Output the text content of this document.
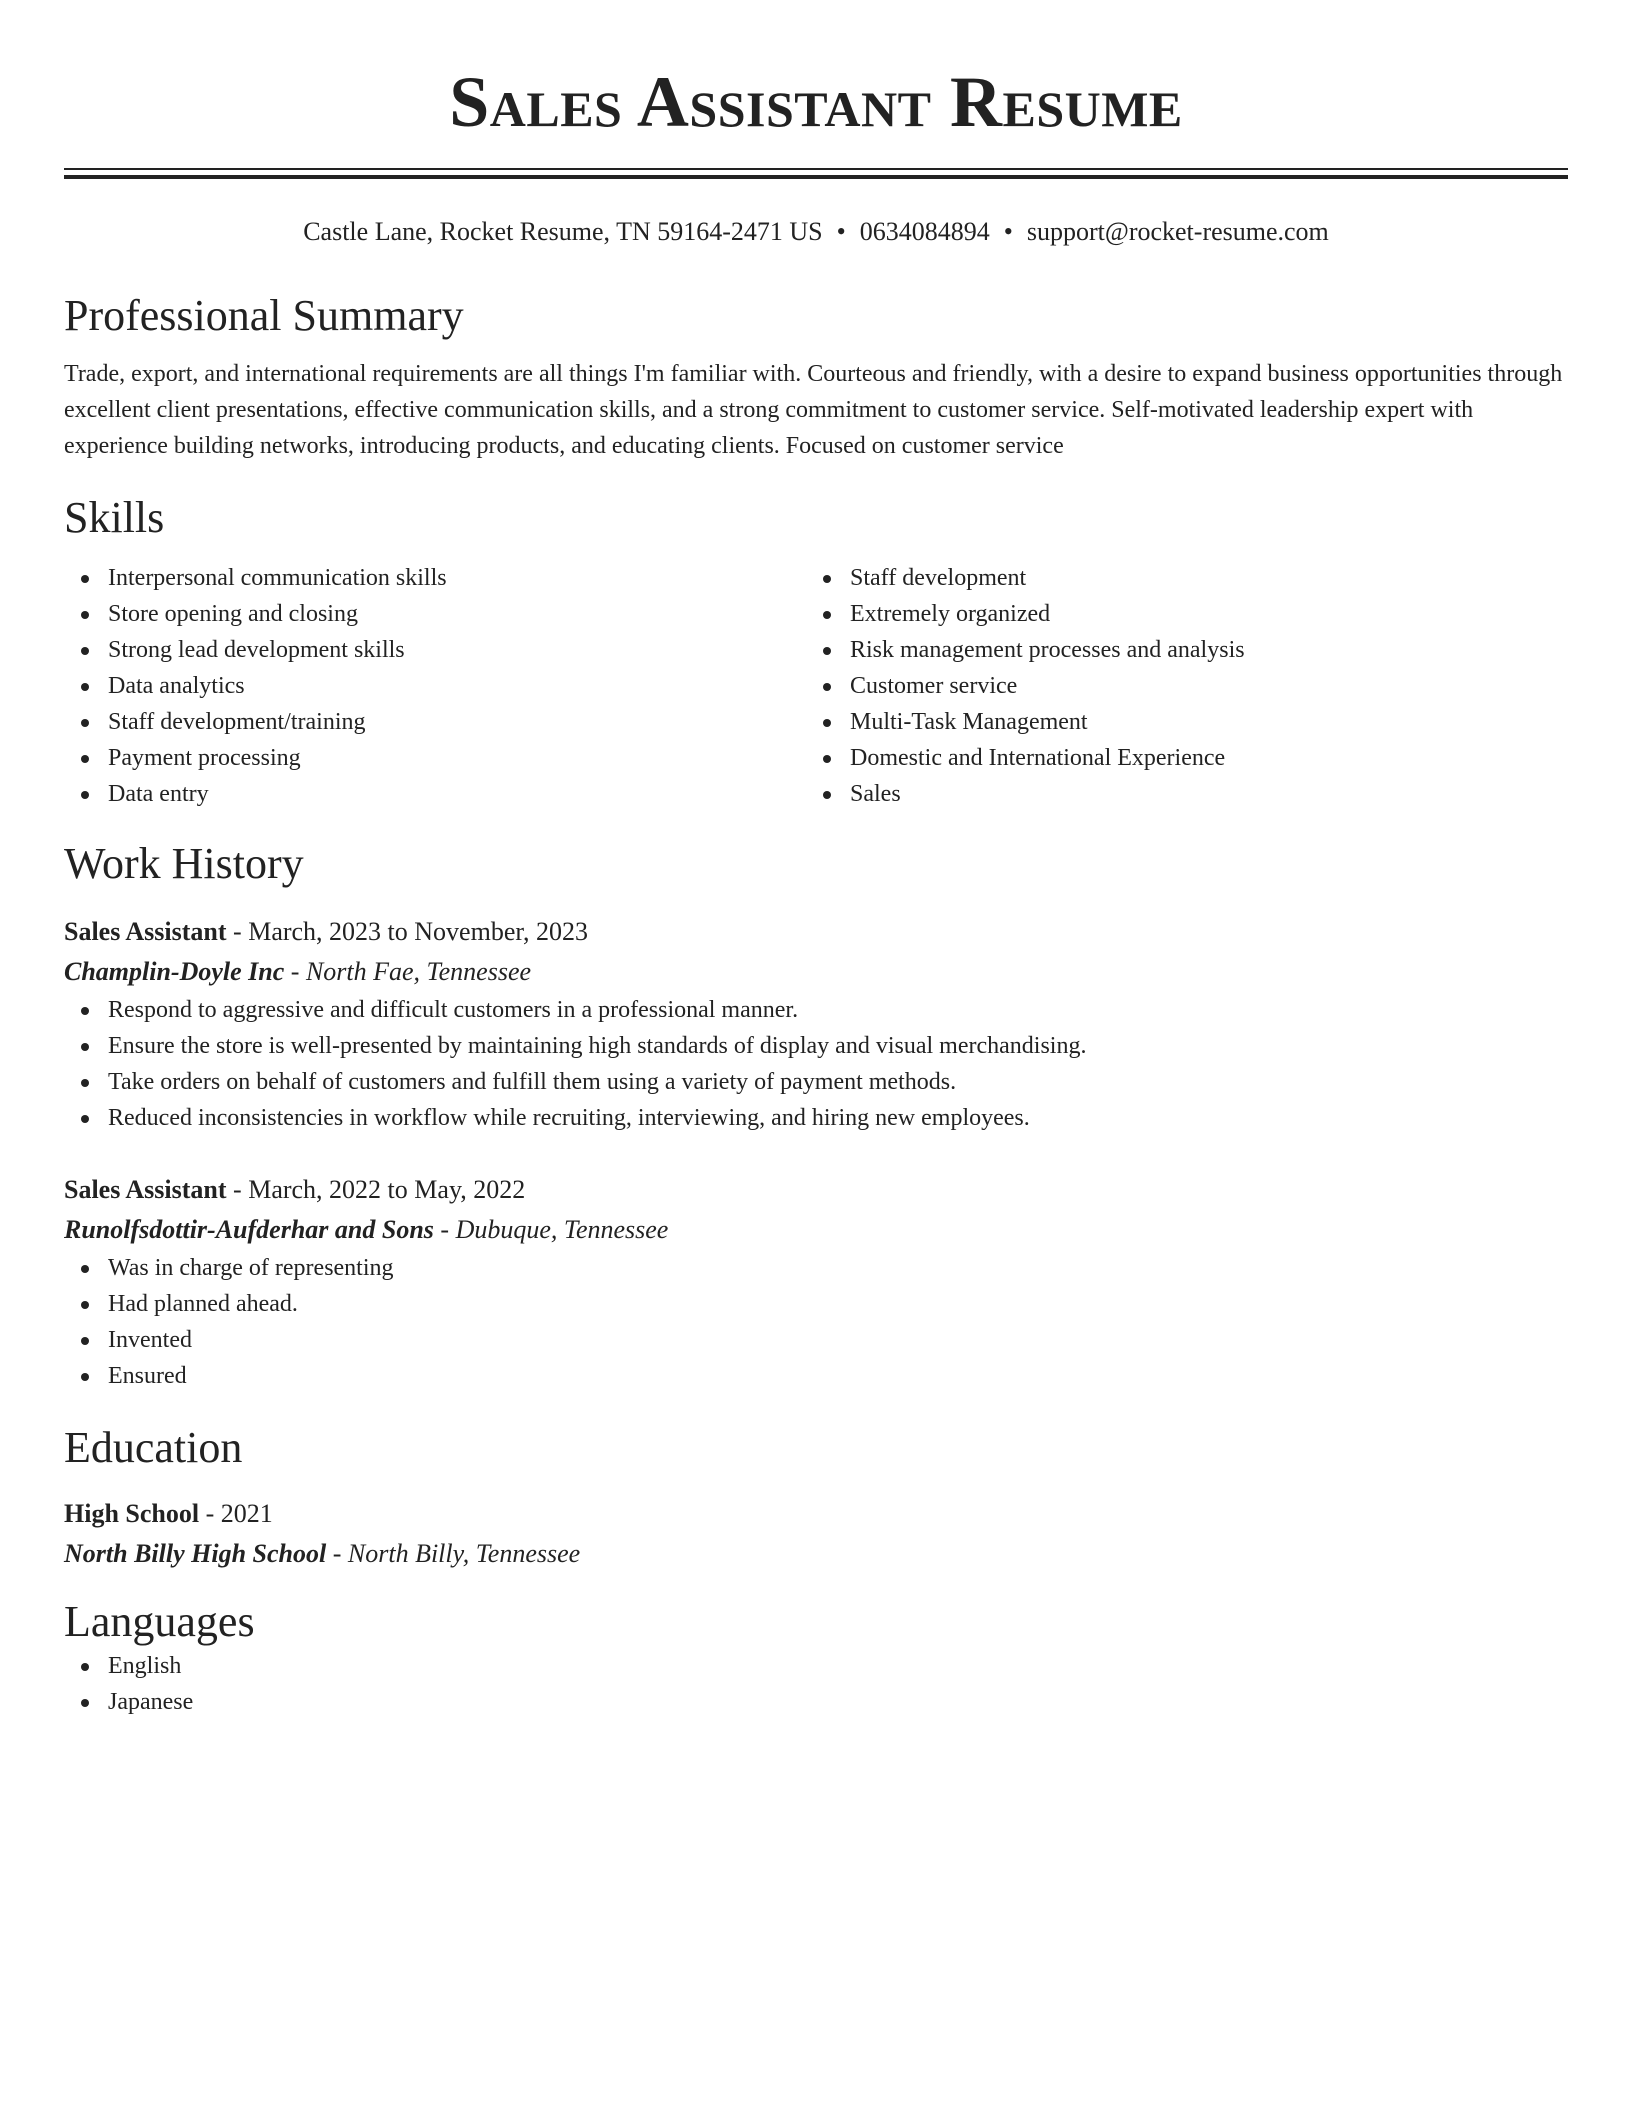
Sales Assistant Resume
Castle Lane, Rocket Resume, TN 59164-2471 US • 0634084894 • support@rocket-resume.com
Professional Summary

Trade, export, and international requirements are all things I'm familiar with. Courteous and friendly, with a desire to expand business opportunities through excellent client presentations, effective communication skills, and a strong commitment to customer service. Self-motivated leadership expert with experience building networks, introducing products, and educating clients. Focused on customer service

Skills
Interpersonal communication skills
Store opening and closing
Strong lead development skills
Data analytics
Staff development/training
Payment processing
Data entry
Staff development
Extremely organized
Risk management processes and analysis
Customer service
Multi-Task Management
Domestic and International Experience
Sales
Work History
Sales Assistant - March, 2023 to November, 2023
Champlin-Doyle Inc - North Fae, Tennessee
Respond to aggressive and difficult customers in a professional manner.
Ensure the store is well-presented by maintaining high standards of display and visual merchandising.
Take orders on behalf of customers and fulfill them using a variety of payment methods.
Reduced inconsistencies in workflow while recruiting, interviewing, and hiring new employees.
Sales Assistant - March, 2022 to May, 2022
Runolfsdottir-Aufderhar and Sons - Dubuque, Tennessee
Was in charge of representing
Had planned ahead.
Invented
Ensured
Education
High School - 2021
North Billy High School - North Billy, Tennessee
Languages
English
Japanese
